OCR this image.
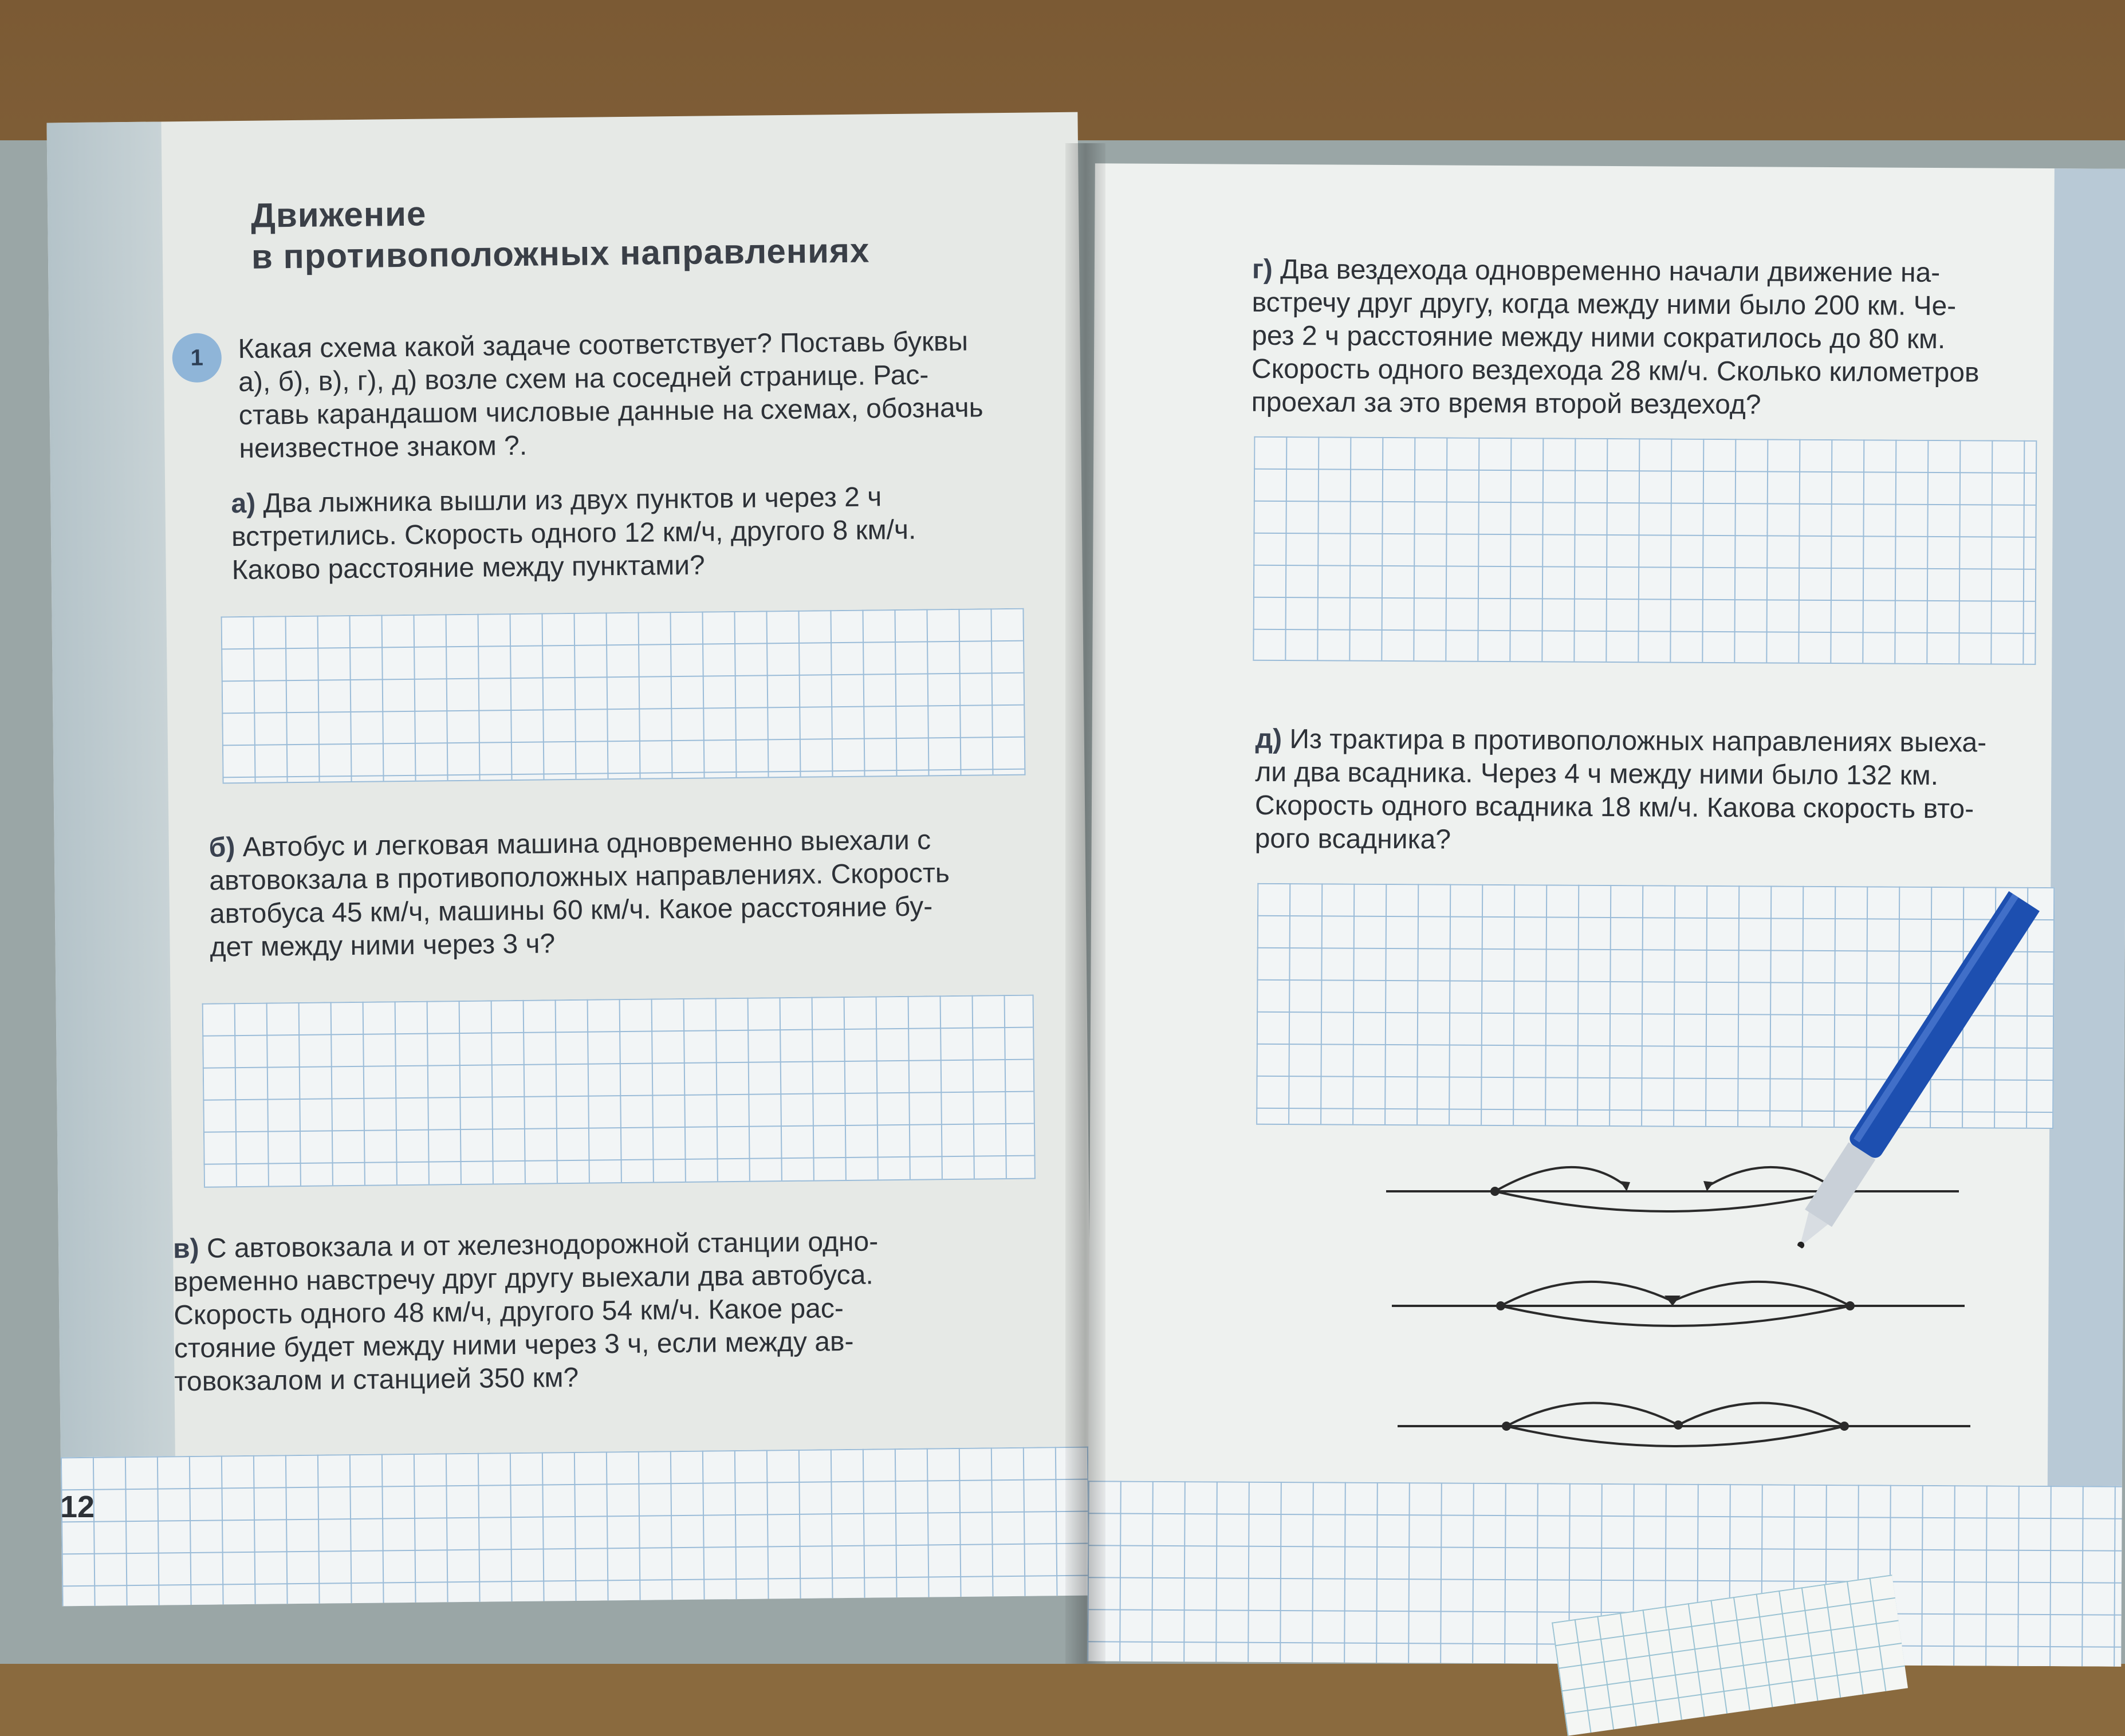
Движение
в противоположных направлениях
1	Какая схема какой задаче соответствует? Поставь буквы
а), б), в), г), д) возле схем на соседней странице. Рас-
ставь карандашом числовые данные на схемах, обозначь
неизвестное знаком ?.

а) Два лыжника вышли из двух пунктов и через 2 ч
встретились. Скорость одного 12 км/ч, другого 8 км/ч.
Каково расстояние между пунктами?

б) Автобус и легковая машина одновременно выехали с
автовокзала в противоположных направлениях. Скорость
автобуса 45 км/ч, машины 60 км/ч. Какое расстояние бу-
дет между ними через 3 ч?

в) С автовокзала и от железнодорожной станции одно-
временно навстречу друг другу выехали два автобуса.
Скорость одного 48 км/ч, другого 54 км/ч. Какое рас-
стояние будет между ними через 3 ч, если между ав-
товокзалом и станцией 350 км?

12

г) Два вездехода одновременно начали движение на-
встречу друг другу, когда между ними было 200 км. Че-
рез 2 ч расстояние между ними сократилось до 80 км.
Скорость одного вездехода 28 км/ч. Сколько километров
проехал за это время второй вездеход?

д) Из трактира в противоположных направлениях выеха-
ли два всадника. Через 4 ч между ними было 132 км.
Скорость одного всадника 18 км/ч. Какова скорость вто-
рого всадника?
